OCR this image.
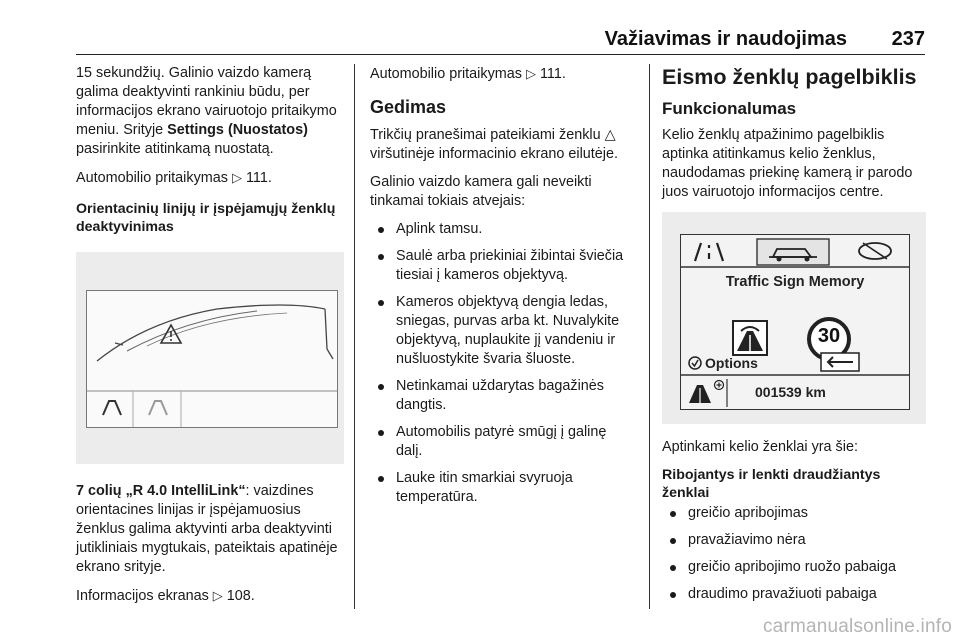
Važiavimas ir naudojimas 237

15 sekundžių. Galinio vaizdo kamerą galima deaktyvinti rankiniu būdu, per informacijos ekrano vairuotojo pritaikymo meniu. Srityje Settings (Nuostatos) pasirinkite atitinkamą nuostatą.

Automobilio pritaikymas ▷ 111.

Orientacinių linijų ir įspėjamųjų ženklų deaktyvinimas

7 colių „R 4.0 IntelliLink“: vaizdines orientacines linijas ir įspėjamuosius ženklus galima aktyvinti arba deaktyvinti jutikliniais mygtukais, pateiktais apatinėje ekrano srityje.

Informacijos ekranas ▷ 108.

Automobilio pritaikymas ▷ 111.

Gedimas

Trikčių pranešimai pateikiami ženklu △ viršutinėje informacinio ekrano eilutėje.

Galinio vaizdo kamera gali neveikti tinkamai tokiais atvejais:

Aplink tamsu.
Saulė arba priekiniai žibintai šviečia tiesiai į kameros objektyvą.
Kameros objektyvą dengia ledas, sniegas, purvas arba kt. Nuvalykite objektyvą, nuplaukite jį vandeniu ir nušluostykite švaria šluoste.
Netinkamai uždarytas bagažinės dangtis.
Automobilis patyrė smūgį į galinę dalį.
Lauke itin smarkiai svyruoja temperatūra.
Eismo ženklų pagelbiklis
Funkcionalumas

Kelio ženklų atpažinimo pagelbiklis aptinka atitinkamus kelio ženklus, naudodamas priekinę kamerą ir parodo juos vairuotojo informacijos centre.

Traffic Sign Memory
30
Options
001539 km

Aptinkami kelio ženklai yra šie:

Ribojantys ir lenkti draudžiantys ženklai

greičio apribojimas
pravažiavimo nėra
greičio apribojimo ruožo pabaiga
draudimo pravažiuoti pabaiga
carmanualsonline.info
